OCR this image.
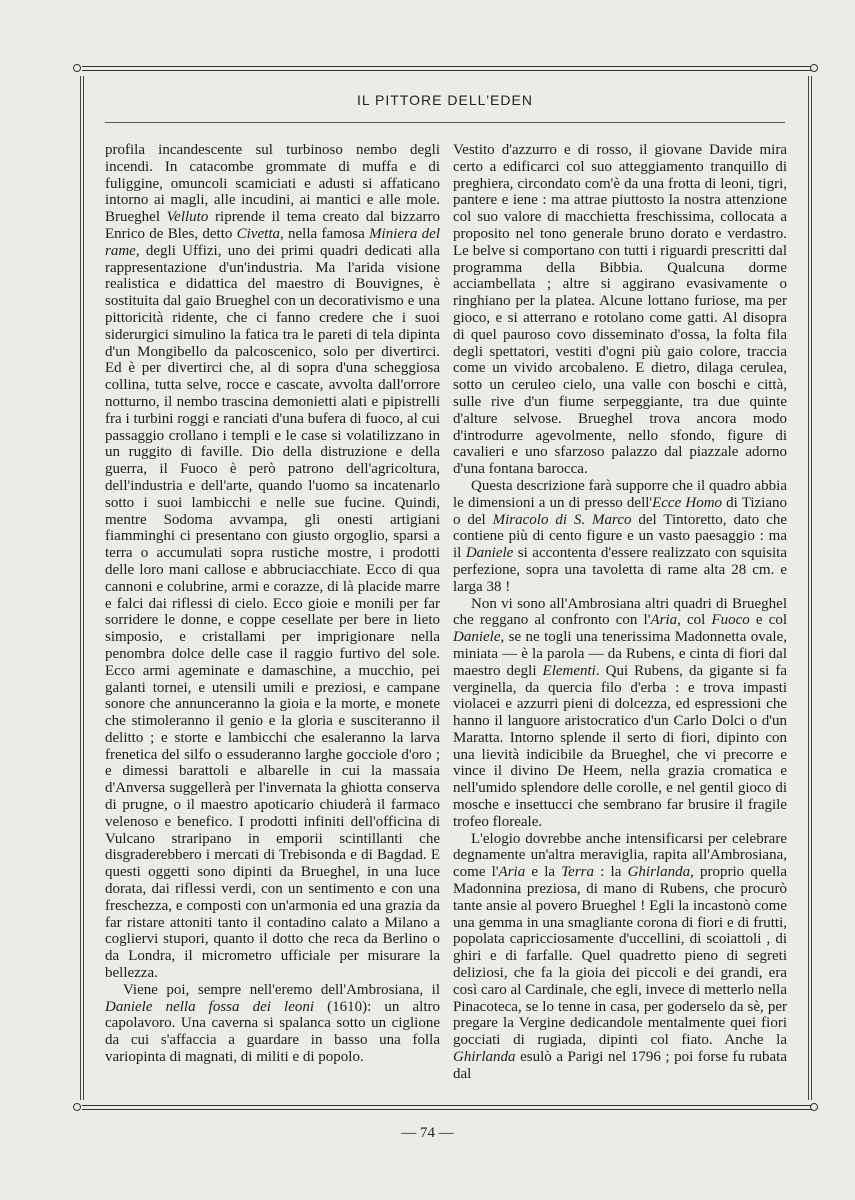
IL PITTORE DELL'EDEN

profila incandescente sul turbinoso nembo degli incendi. In catacombe grommate di muffa e di fuliggine, omuncoli scamiciati e adusti si affaticano intorno ai magli, alle incudini, ai mantici e alle mole. Brueghel Velluto riprende il tema creato dal bizzarro Enrico de Bles, detto Civetta, nella famosa Miniera del rame, degli Uffizi, uno dei primi quadri dedicati alla rappresentazione d'un'industria. Ma l'arida visione realistica e didattica del maestro di Bouvignes, è sostituita dal gaio Brueghel con un decorativismo e una pittoricità ridente, che ci fanno credere che i suoi siderurgici simulino la fatica tra le pareti di tela dipinta d'un Mongibello da palcoscenico, solo per divertirci. Ed è per divertirci che, al di sopra d'una scheggiosa collina, tutta selve, rocce e cascate, avvolta dall'orrore notturno, il nembo trascina demonietti alati e pipistrelli fra i turbini roggi e ranciati d'una bufera di fuoco, al cui passaggio crollano i templi e le case si volatilizzano in un ruggito di faville. Dio della distruzione e della guerra, il Fuoco è però patrono dell'agricoltura, dell'industria e dell'arte, quando l'uomo sa incatenarlo sotto i suoi lambicchi e nelle sue fucine. Quindi, mentre Sodoma avvampa, gli onesti artigiani fiamminghi ci presentano con giusto orgoglio, sparsi a terra o accumulati sopra rustiche mostre, i prodotti delle loro mani callose e abbruciacchiate. Ecco di qua cannoni e colubrine, armi e corazze, di là placide marre e falci dai riflessi di cielo. Ecco gioie e monili per far sorridere le donne, e coppe cesellate per bere in lieto simposio, e cristallami per imprigionare nella penombra dolce delle case il raggio furtivo del sole. Ecco armi ageminate e damaschine, a mucchio, pei galanti tornei, e utensili umili e preziosi, e campane sonore che annunceranno la gioia e la morte, e monete che stimoleranno il genio e la gloria e susciteranno il delitto ; e storte e lambicchi che esaleranno la larva frenetica del silfo o essuderanno larghe gocciole d'oro ; e dimessi barattoli e albarelle in cui la massaia d'Anversa suggellerà per l'invernata la ghiotta conserva di prugne, o il maestro apoticario chiuderà il farmaco velenoso e benefico. I prodotti infiniti dell'officina di Vulcano straripano in emporii scintillanti che disgraderebbero i mercati di Trebisonda e di Bagdad. E questi oggetti sono dipinti da Brueghel, in una luce dorata, dai riflessi verdi, con un sentimento e con una freschezza, e composti con un'armonia ed una grazia da far ristare attoniti tanto il contadino calato a Milano a cogliervi stupori, quanto il dotto che reca da Berlino o da Londra, il micrometro ufficiale per misurare la bellezza.

Viene poi, sempre nell'eremo dell'Ambrosiana, il Daniele nella fossa dei leoni (1610): un altro capolavoro. Una caverna si spalanca sotto un ciglione da cui s'affaccia a guardare in basso una folla variopinta di magnati, di militi e di popolo.

Vestito d'azzurro e di rosso, il giovane Davide mira certo a edificarci col suo atteggiamento tranquillo di preghiera, circondato com'è da una frotta di leoni, tigri, pantere e iene : ma attrae piuttosto la nostra attenzione col suo valore di macchietta freschissima, collocata a proposito nel tono generale bruno dorato e verdastro. Le belve si comportano con tutti i riguardi prescritti dal programma della Bibbia. Qualcuna dorme acciambellata ; altre si aggirano evasivamente o ringhiano per la platea. Alcune lottano furiose, ma per gioco, e si atterrano e rotolano come gatti. Al disopra di quel pauroso covo disseminato d'ossa, la folta fila degli spettatori, vestiti d'ogni più gaio colore, traccia come un vivido arcobaleno. E dietro, dilaga cerulea, sotto un ceruleo cielo, una valle con boschi e città, sulle rive d'un fiume serpeggiante, tra due quinte d'alture selvose. Brueghel trova ancora modo d'introdurre agevolmente, nello sfondo, figure di cavalieri e uno sfarzoso palazzo dal piazzale adorno d'una fontana barocca.

Questa descrizione farà supporre che il quadro abbia le dimensioni a un di presso dell'Ecce Homo di Tiziano o del Miracolo di S. Marco del Tintoretto, dato che contiene più di cento figure e un vasto paesaggio : ma il Daniele si accontenta d'essere realizzato con squisita perfezione, sopra una tavoletta di rame alta 28 cm. e larga 38 !

Non vi sono all'Ambrosiana altri quadri di Brueghel che reggano al confronto con l'Aria, col Fuoco e col Daniele, se ne togli una tenerissima Madonnetta ovale, miniata — è la parola — da Rubens, e cinta di fiori dal maestro degli Elementi. Qui Rubens, da gigante si fa verginella, da quercia filo d'erba : e trova impasti violacei e azzurri pieni di dolcezza, ed espressioni che hanno il languore aristocratico d'un Carlo Dolci o d'un Maratta. Intorno splende il serto di fiori, dipinto con una lievità indicibile da Brueghel, che vi precorre e vince il divino De Heem, nella grazia cromatica e nell'umido splendore delle corolle, e nel gentil gioco di mosche e insettucci che sembrano far brusire il fragile trofeo floreale.

L'elogio dovrebbe anche intensificarsi per celebrare degnamente un'altra meraviglia, rapita all'Ambrosiana, come l'Aria e la Terra : la Ghirlanda, proprio quella Madonnina preziosa, di mano di Rubens, che procurò tante ansie al povero Brueghel ! Egli la incastonò come una gemma in una smagliante corona di fiori e di frutti, popolata capricciosamente d'uccellini, di scoiattoli , di ghiri e di farfalle. Quel quadretto pieno di segreti deliziosi, che fa la gioia dei piccoli e dei grandi, era così caro al Cardinale, che egli, invece di metterlo nella Pinacoteca, se lo tenne in casa, per goderselo da sè, per pregare la Vergine dedicandole mentalmente quei fiori gocciati di rugiada, dipinti col fiato. Anche la Ghirlanda esulò a Parigi nel 1796 ; poi forse fu rubata dal

— 74 —
